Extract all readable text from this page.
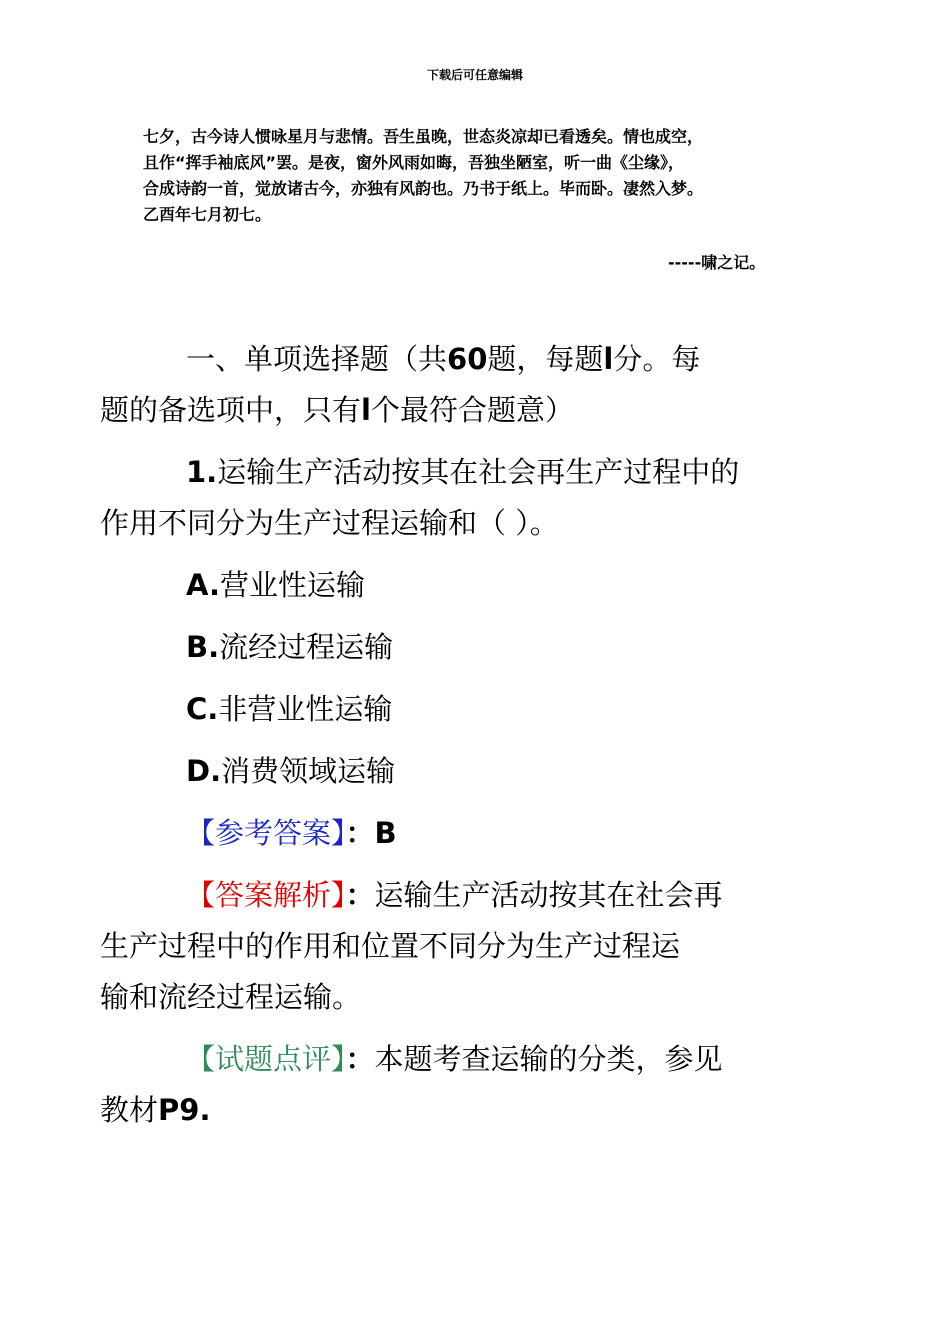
下载后可任意编辑

七夕，古今诗人惯咏星月与悲情。吾生虽晚，世态炎凉却已看透矣。情也成空，

且作“挥手袖底风”罢。是夜，窗外风雨如晦，吾独坐陋室，听一曲《尘缘》，

合成诗韵一首，觉放诸古今，亦独有风韵也。乃书于纸上。毕而卧。凄然入梦。

乙酉年七月初七。

-----啸之记。

一、单项选择题（共60题，每题l分。每
题的备选项中，只有l个最符合题意）

1.运输生产活动按其在社会再生产过程中的
作用不同分为生产过程运输和（ ）。

A.营业性运输

B.流经过程运输

C.非营业性运输

D.消费领域运输

【参考答案】：B

【答案解析】：运输生产活动按其在社会再
生产过程中的作用和位置不同分为生产过程运
输和流经过程运输。

【试题点评】：本题考查运输的分类，参见
教材P9.
